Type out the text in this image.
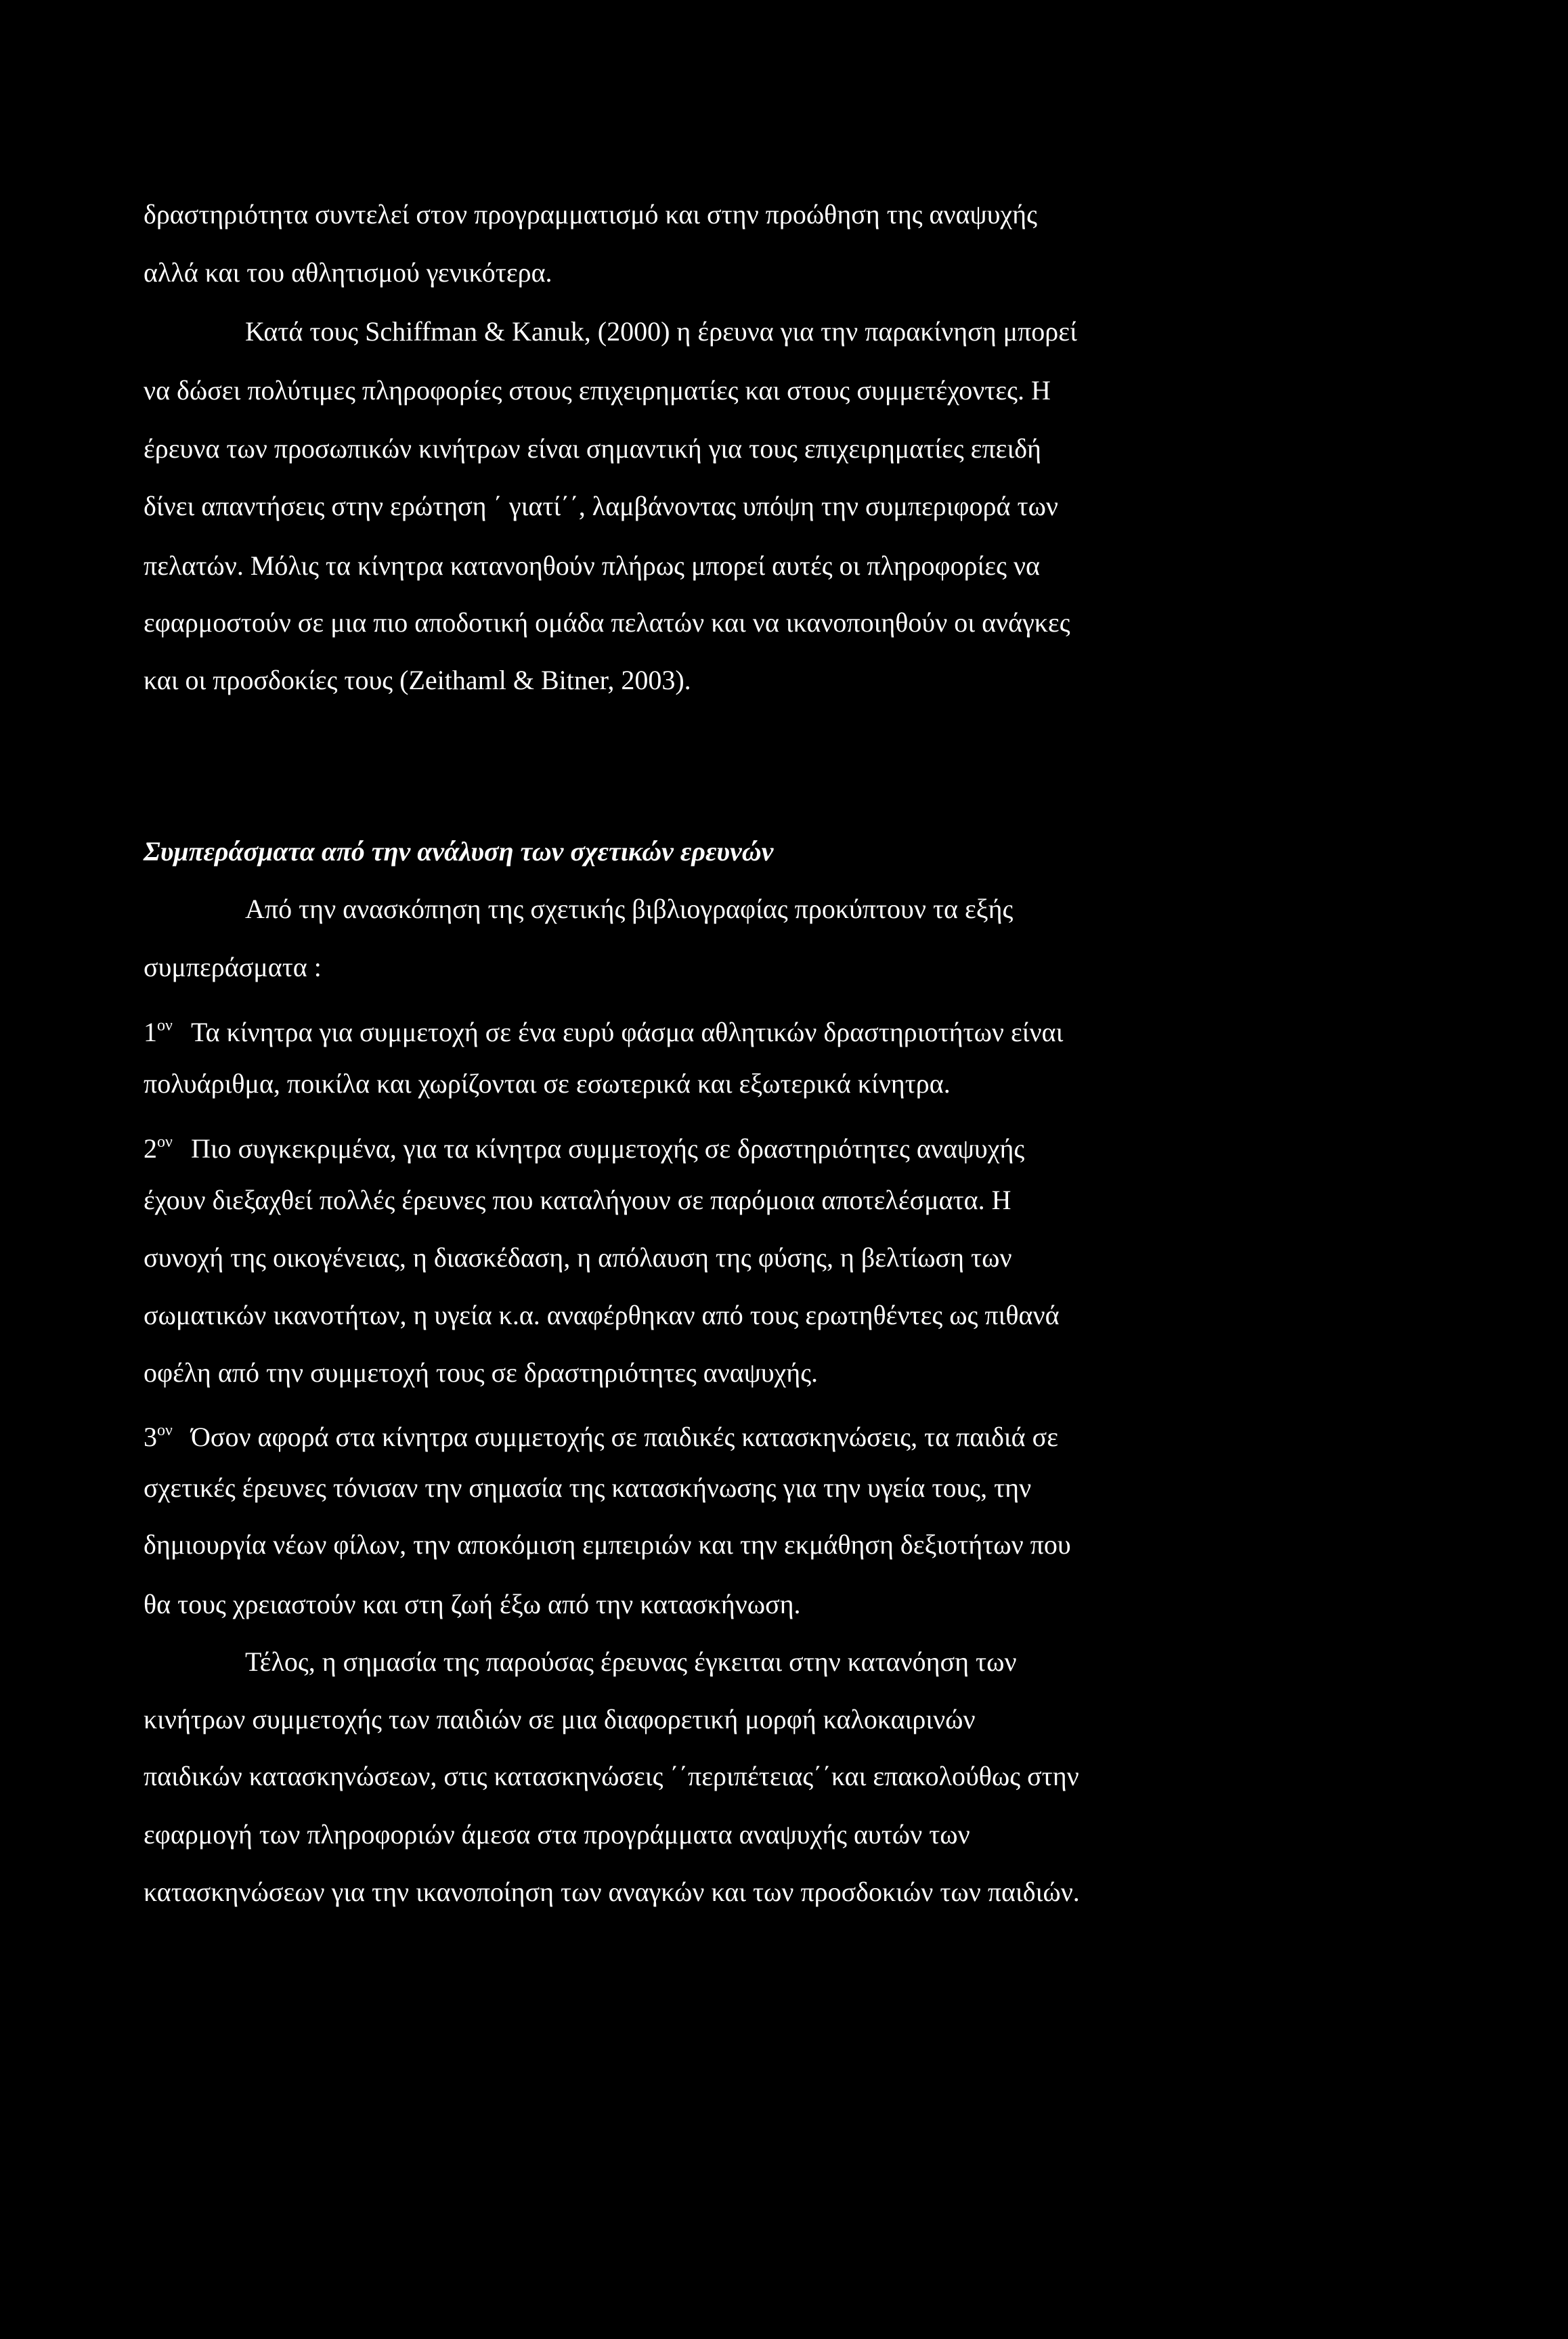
δραστηριότητα συντελεί στον προγραμματισμό και στην προώθηση της αναψυχής

αλλά και του αθλητισμού γενικότερα.

Κατά τους Schiffman & Kanuk, (2000) η έρευνα για την παρακίνηση μπορεί

να δώσει πολύτιμες πληροφορίες στους επιχειρηματίες και στους συμμετέχοντες. Η

έρευνα των προσωπικών κινήτρων είναι σημαντική για τους επιχειρηματίες επειδή

δίνει απαντήσεις στην ερώτηση ΄ γιατί΄΄, λαμβάνοντας υπόψη την συμπεριφορά των

πελατών. Μόλις τα κίνητρα κατανοηθούν πλήρως μπορεί αυτές οι πληροφορίες να

εφαρμοστούν σε μια πιο αποδοτική ομάδα πελατών και να ικανοποιηθούν οι ανάγκες

και οι προσδοκίες τους (Zeithaml & Bitner, 2003).

Συμπεράσματα από την ανάλυση των σχετικών ερευνών

Από την ανασκόπηση της σχετικής βιβλιογραφίας προκύπτουν τα εξής

συμπεράσματα :

$1^{o\nu}$ Τα κίνητρα για συμμετοχή σε ένα ευρύ φάσμα αθλητικών δραστηριοτήτων είναι

πολυάριθμα, ποικίλα και χωρίζονται σε εσωτερικά και εξωτερικά κίνητρα.

$2^{o\nu}$ Πιο συγκεκριμένα, για τα κίνητρα συμμετοχής σε δραστηριότητες αναψυχής

έχουν διεξαχθεί πολλές έρευνες που καταλήγουν σε παρόμοια αποτελέσματα. Η

συνοχή της οικογένειας, η διασκέδαση, η απόλαυση της φύσης, η βελτίωση των

σωματικών ικανοτήτων, η υγεία κ.α. αναφέρθηκαν από τους ερωτηθέντες ως πιθανά

οφέλη από την συμμετοχή τους σε δραστηριότητες αναψυχής.

$3^{o\nu}$ Όσον αφορά στα κίνητρα συμμετοχής σε παιδικές κατασκηνώσεις, τα παιδιά σε

σχετικές έρευνες τόνισαν την σημασία της κατασκήνωσης για την υγεία τους, την

δημιουργία νέων φίλων, την αποκόμιση εμπειριών και την εκμάθηση δεξιοτήτων που

θα τους χρειαστούν και στη ζωή έξω από την κατασκήνωση.

Τέλος, η σημασία της παρούσας έρευνας έγκειται στην κατανόηση των

κινήτρων συμμετοχής των παιδιών σε μια διαφορετική μορφή καλοκαιρινών

παιδικών κατασκηνώσεων, στις κατασκηνώσεις ΄΄περιπέτειας΄΄και επακολούθως στην

εφαρμογή των πληροφοριών άμεσα στα προγράμματα αναψυχής αυτών των

κατασκηνώσεων για την ικανοποίηση των αναγκών και των προσδοκιών των παιδιών.
